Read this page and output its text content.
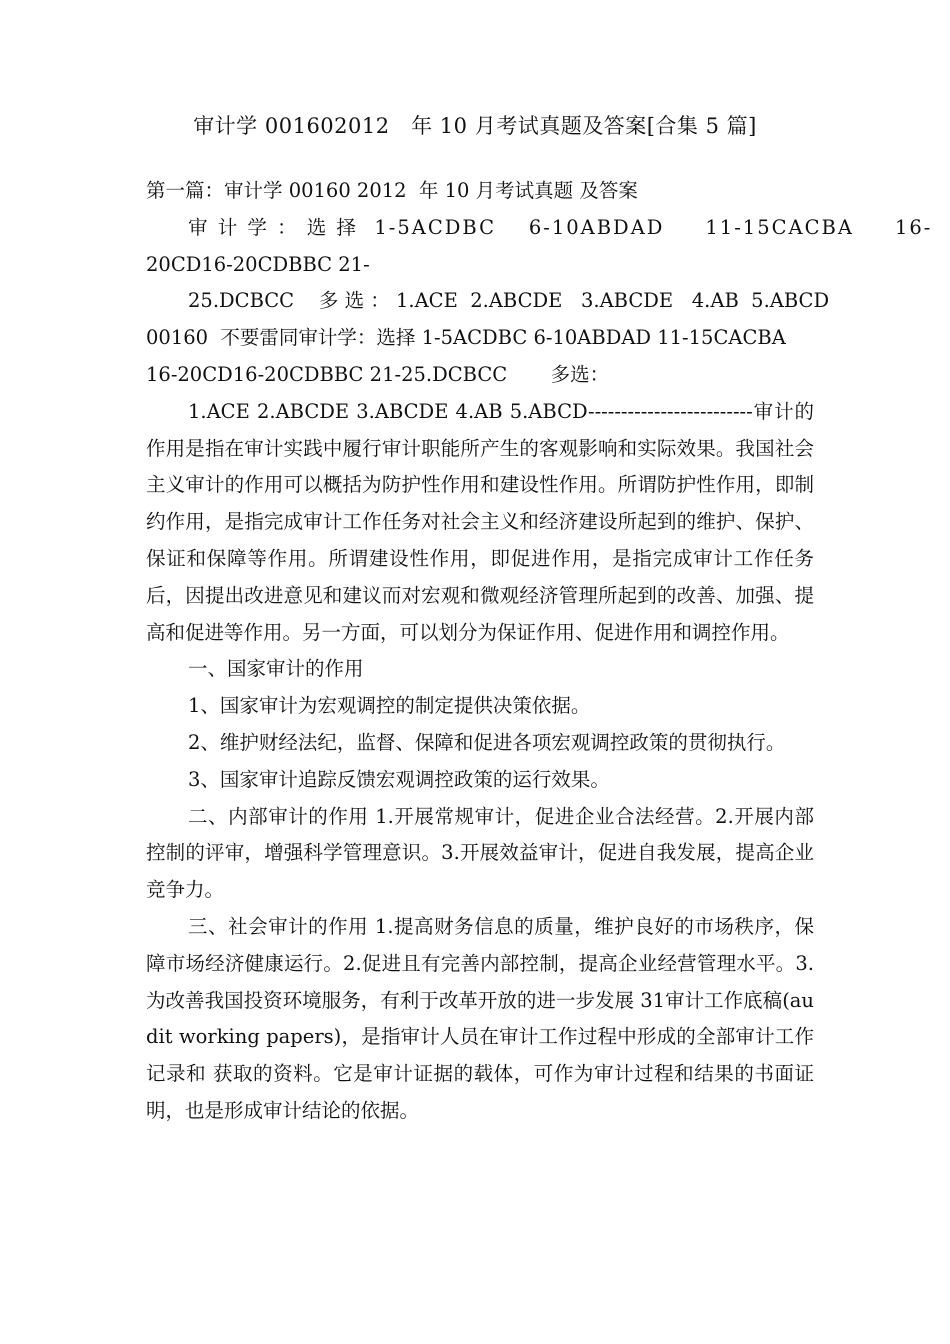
审计学 001602012   年 10 月考试真题及答案[合集 5 篇]
第一篇：审计学 00160 2012  年 10 月考试真题 及答案
审 计 学 ： 选 择  1-5ACDBC    6-10ABDAD     11-15CACBA     16-
20CD16-20CDBBC 21-
25.DCBCC    多 选 ： 1.ACE  2.ABCDE   3.ABCDE   4.AB  5.ABCD
00160  不要雷同审计学：选择 1-5ACDBC 6-10ABDAD 11-15CACBA
16-20CD16-20CDBBC 21-25.DCBCC       多选：
1.ACE 2.ABCDE 3.ABCDE 4.AB 5.ABCD-------------------------审计的作用是指在审计实践中履行审计职能所产生的客观影响和实际效果。我国社会主义审计的作用可以概括为防护性作用和建设性作用。所谓防护性作用，即制约作用，是指完成审计工作任务对社会主义和经济建设所起到的维护、保护、保证和保障等作用。所谓建设性作用，即促进作用，是指完成审计工作任务后，因提出改进意见和建议而对宏观和微观经济管理所起到的改善、加强、提高和促进等作用。另一方面，可以划分为保证作用、促进作用和调控作用。
一、国家审计的作用
1、国家审计为宏观调控的制定提供决策依据。
2、维护财经法纪，监督、保障和促进各项宏观调控政策的贯彻执行。
3、国家审计追踪反馈宏观调控政策的运行效果。
二、内部审计的作用 1.开展常规审计，促进企业合法经营。2.开展内部控制的评审，增强科学管理意识。3.开展效益审计，促进自我发展，提高企业竞争力。
三、社会审计的作用 1.提高财务信息的质量，维护良好的市场秩序，保障市场经济健康运行。2.促进且有完善内部控制，提高企业经营管理水平。3.为改善我国投资环境服务，有利于改革开放的进一步发展 31审计工作底稿(audit working papers)，是指审计人员在审计工作过程中形成的全部审计工作记录和 获取的资料。它是审计证据的载体，可作为审计过程和结果的书面证明，也是形成审计结论的依据。
